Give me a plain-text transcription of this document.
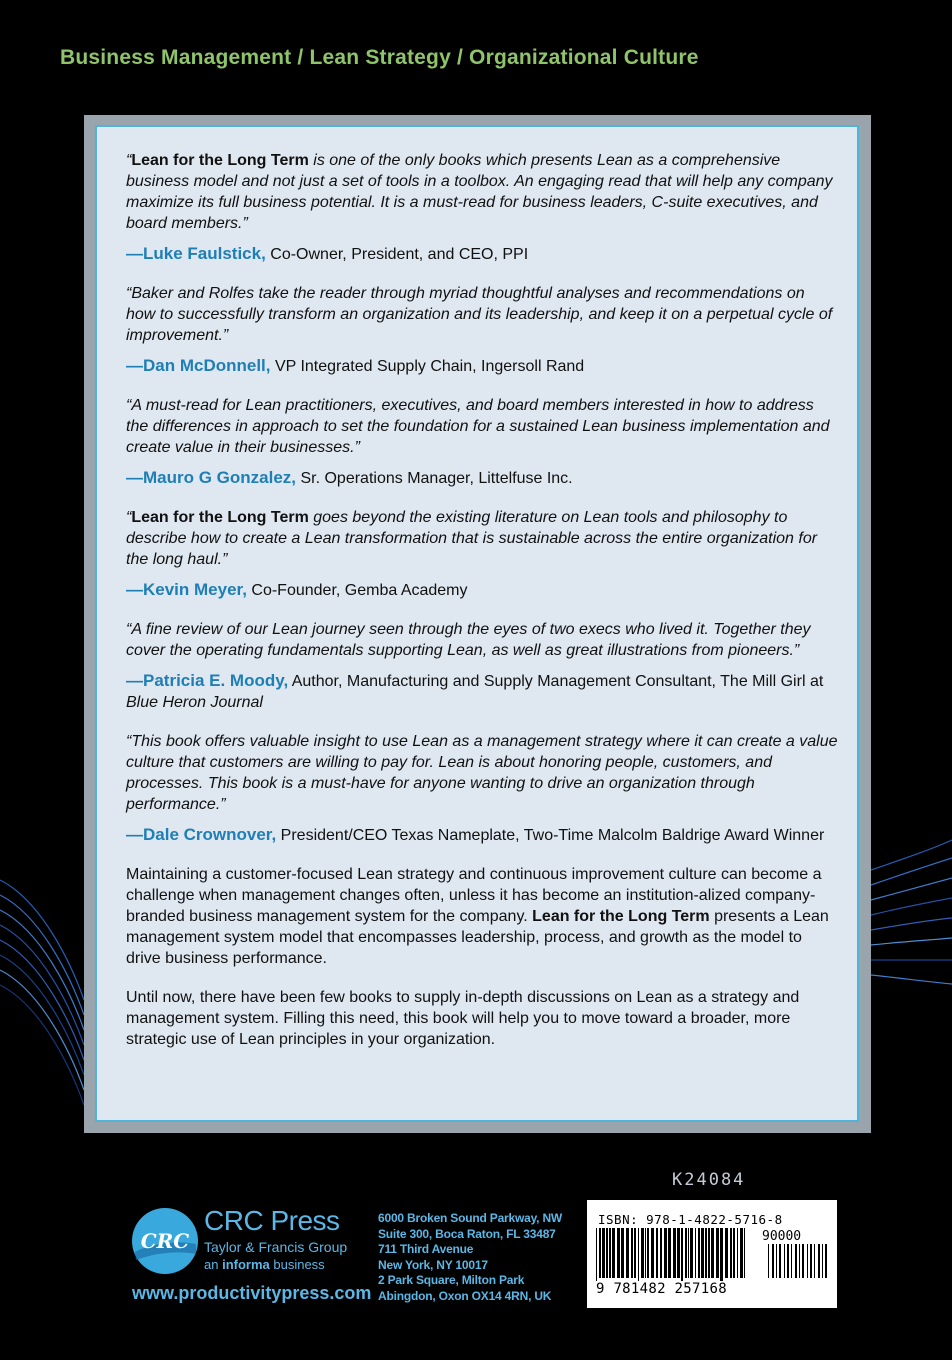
Business Management / Lean Strategy / Organizational Culture

“Lean for the Long Term is one of the only books which presents Lean as a comprehensive business model and not just a set of tools in a toolbox. An engaging read that will help any company maximize its full business potential. It is a must-read for business leaders, C-suite executives, and board members.”

—Luke Faulstick, Co-Owner, President, and CEO, PPI

“Baker and Rolfes take the reader through myriad thoughtful analyses and recommendations on how to successfully transform an organization and its leadership, and keep it on a perpetual cycle of improvement.”

—Dan McDonnell, VP Integrated Supply Chain, Ingersoll Rand

“A must-read for Lean practitioners, executives, and board members interested in how to address the differences in approach to set the foundation for a sustained Lean business implementation and create value in their businesses.”

—Mauro G Gonzalez, Sr. Operations Manager, Littelfuse Inc.

“Lean for the Long Term goes beyond the existing literature on Lean tools and philosophy to describe how to create a Lean transformation that is sustainable across the entire organization for the long haul.”

—Kevin Meyer, Co-Founder, Gemba Academy

“A fine review of our Lean journey seen through the eyes of two execs who lived it. Together they cover the operating fundamentals supporting Lean, as well as great illustrations from pioneers.”

—Patricia E. Moody, Author, Manufacturing and Supply Management Consultant, The Mill Girl at Blue Heron Journal

“This book offers valuable insight to use Lean as a management strategy where it can create a value culture that customers are willing to pay for. Lean is about honoring people, customers, and processes. This book is a must-have for anyone wanting to drive an organization through performance.”

—Dale Crownover, President/CEO Texas Nameplate, Two-Time Malcolm Baldrige Award Winner

Maintaining a customer-focused Lean strategy and continuous improvement culture can become a challenge when management changes often, unless it has become an institution-alized company-branded business management system for the company. Lean for the Long Term presents a Lean management system model that encompasses leadership, process, and growth as the model to drive business performance.

Until now, there have been few books to supply in-depth discussions on Lean as a strategy and management system. Filling this need, this book will help you to move toward a broader, more strategic use of Lean principles in your organization.

K24084
CRC
CRC Press
Taylor & Francis Group
an informa business
www.productivitypress.com
6000 Broken Sound Parkway, NW
Suite 300, Boca Raton, FL 33487
711 Third Avenue
New York, NY 10017
2 Park Square, Milton Park
Abingdon, Oxon OX14 4RN, UK
ISBN: 978-1-4822-5716-8
90000
9 781482 257168
